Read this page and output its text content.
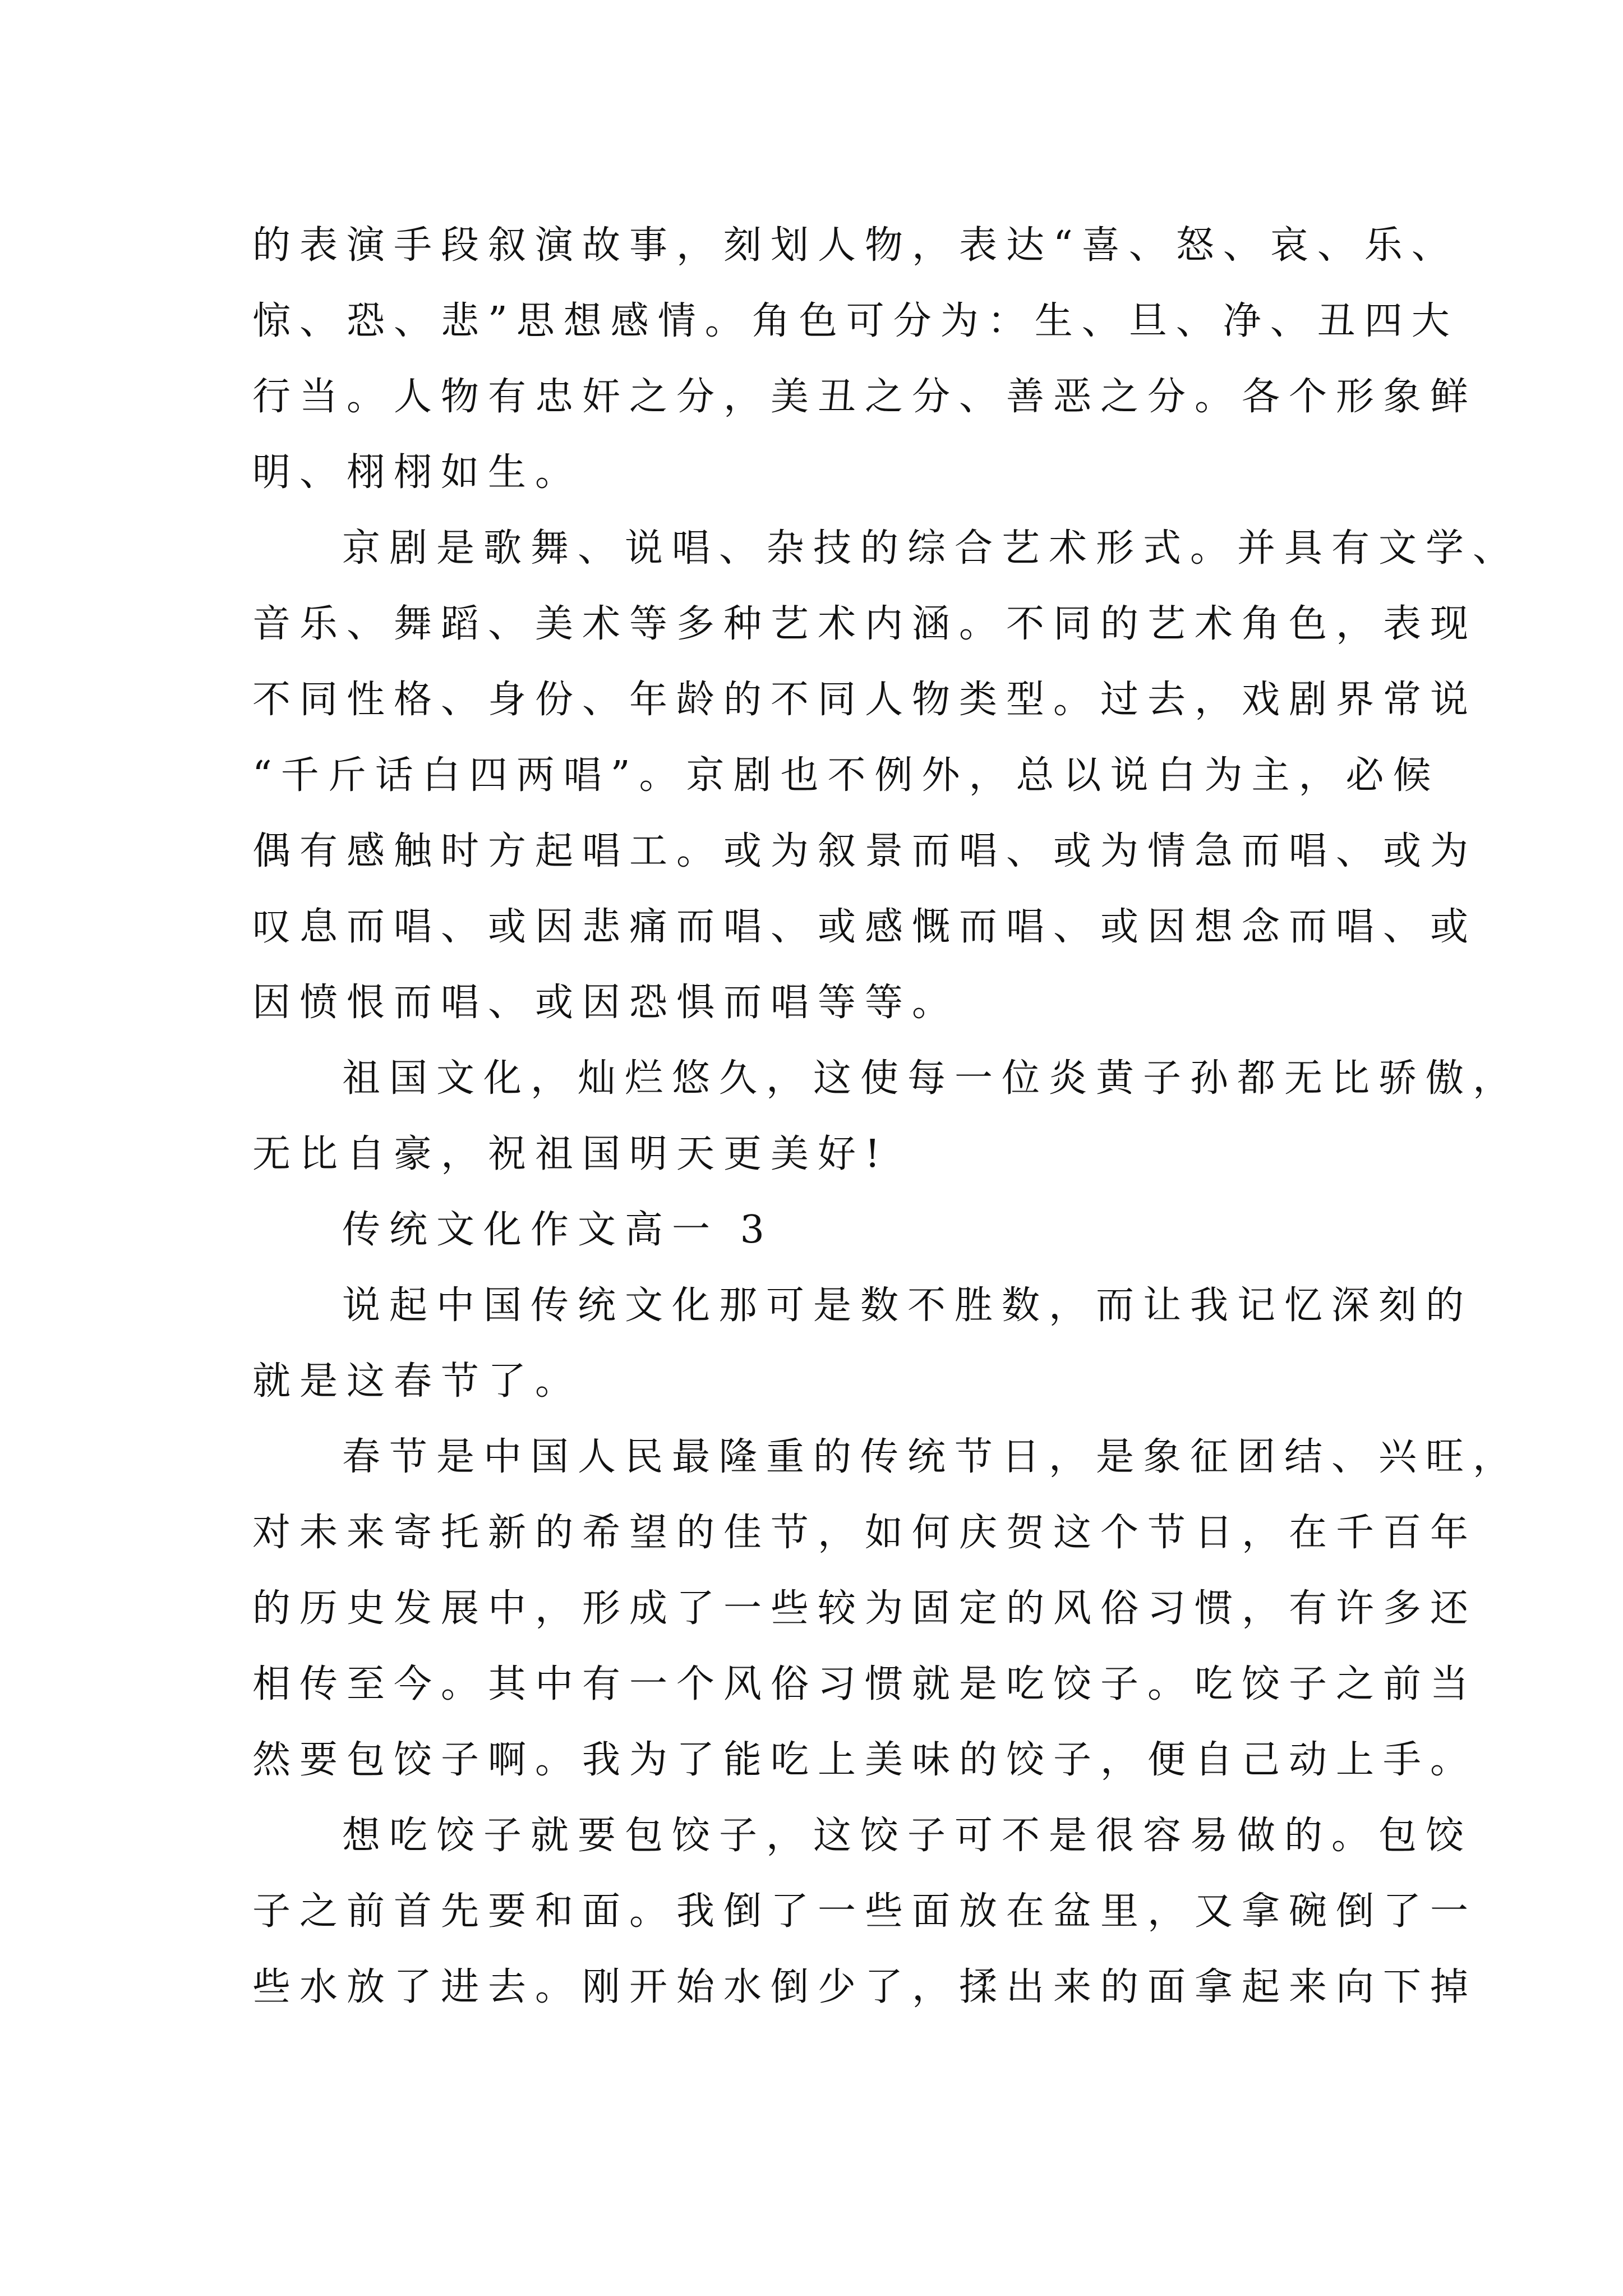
的表演手段叙演故事，刻划人物，表达“喜、怒、哀、乐、
惊、恐、悲”思想感情。角色可分为：生、旦、净、丑四大
行当。人物有忠奸之分，美丑之分、善恶之分。各个形象鲜
明、栩栩如生。
京剧是歌舞、说唱、杂技的综合艺术形式。并具有文学、
音乐、舞蹈、美术等多种艺术内涵。不同的艺术角色，表现
不同性格、身份、年龄的不同人物类型。过去，戏剧界常说
“千斤话白四两唱”。京剧也不例外，总以说白为主，必候
偶有感触时方起唱工。或为叙景而唱、或为情急而唱、或为
叹息而唱、或因悲痛而唱、或感慨而唱、或因想念而唱、或
因愤恨而唱、或因恐惧而唱等等。
祖国文化，灿烂悠久，这使每一位炎黄子孙都无比骄傲，
无比自豪，祝祖国明天更美好!
传统文化作文高一 3
说起中国传统文化那可是数不胜数，而让我记忆深刻的
就是这春节了。
春节是中国人民最隆重的传统节日，是象征团结、兴旺，
对未来寄托新的希望的佳节，如何庆贺这个节日，在千百年
的历史发展中，形成了一些较为固定的风俗习惯，有许多还
相传至今。其中有一个风俗习惯就是吃饺子。吃饺子之前当
然要包饺子啊。我为了能吃上美味的饺子，便自己动上手。
想吃饺子就要包饺子，这饺子可不是很容易做的。包饺
子之前首先要和面。我倒了一些面放在盆里，又拿碗倒了一
些水放了进去。刚开始水倒少了，揉出来的面拿起来向下掉
